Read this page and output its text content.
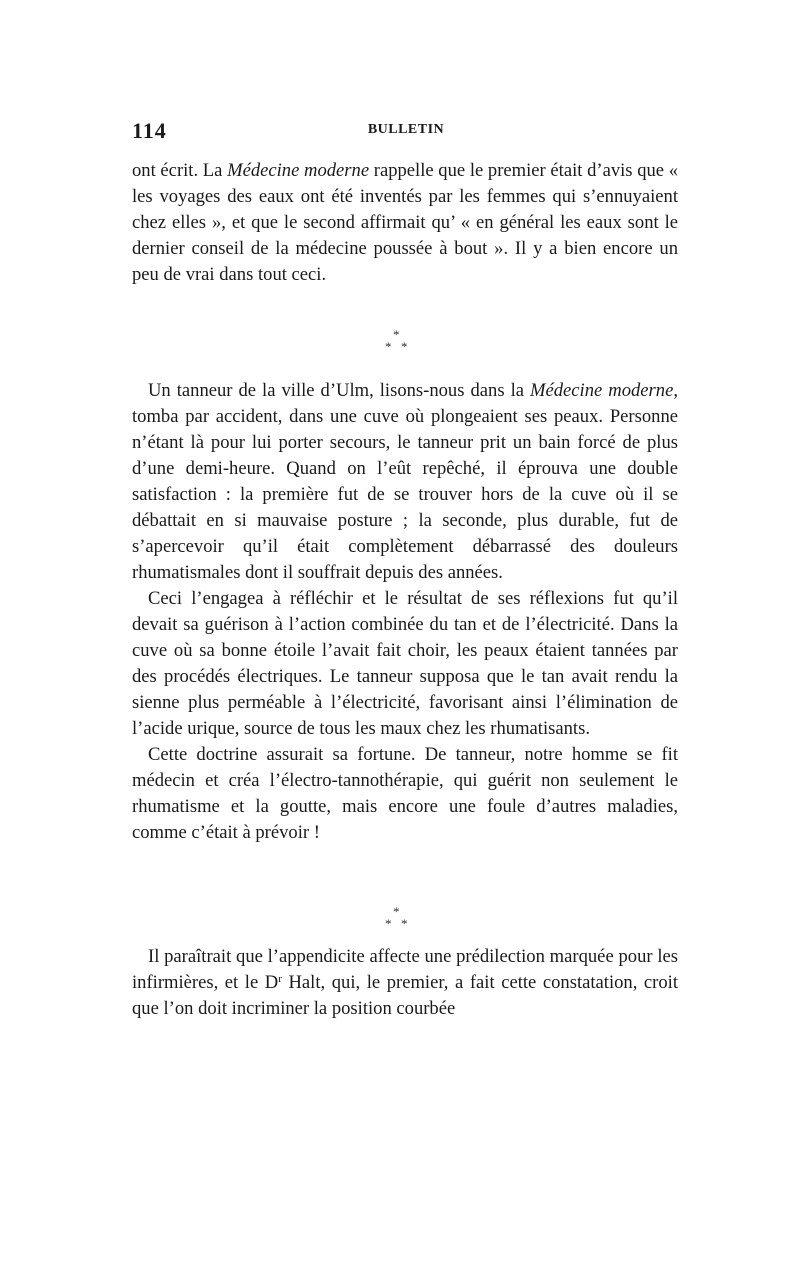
114	BULLETIN

ont écrit. La Médecine moderne rappelle que le premier était d’avis que « les voyages des eaux ont été inventés par les femmes qui s’ennuyaient chez elles », et que le second affirmait qu’ « en général les eaux sont le dernier conseil de la médecine poussée à bout ». Il y a bien encore un peu de vrai dans tout ceci.

*
* *

Un tanneur de la ville d’Ulm, lisons-nous dans la Médecine moderne, tomba par accident, dans une cuve où plongeaient ses peaux. Personne n’étant là pour lui porter secours, le tanneur prit un bain forcé de plus d’une demi-heure. Quand on l’eût repêché, il éprouva une double satisfaction : la première fut de se trouver hors de la cuve où il se débattait en si mauvaise posture ; la seconde, plus durable, fut de s’apercevoir qu’il était complètement débarrassé des douleurs rhumatismales dont il souffrait depuis des années.

Ceci l’engagea à réfléchir et le résultat de ses réflexions fut qu’il devait sa guérison à l’action combinée du tan et de l’électricité. Dans la cuve où sa bonne étoile l’avait fait choir, les peaux étaient tannées par des procédés électriques. Le tanneur supposa que le tan avait rendu la sienne plus perméable à l’électricité, favorisant ainsi l’élimination de l’acide urique, source de tous les maux chez les rhumatisants.

Cette doctrine assurait sa fortune. De tanneur, notre homme se fit médecin et créa l’électro-tannothérapie, qui guérit non seulement le rhumatisme et la goutte, mais encore une foule d’autres maladies, comme c’était à prévoir !

*
* *

Il paraîtrait que l’appendicite affecte une prédilection marquée pour les infirmières, et le $D^r$ Halt, qui, le premier, a fait cette constatation, croit que l’on doit incriminer la position courbée
